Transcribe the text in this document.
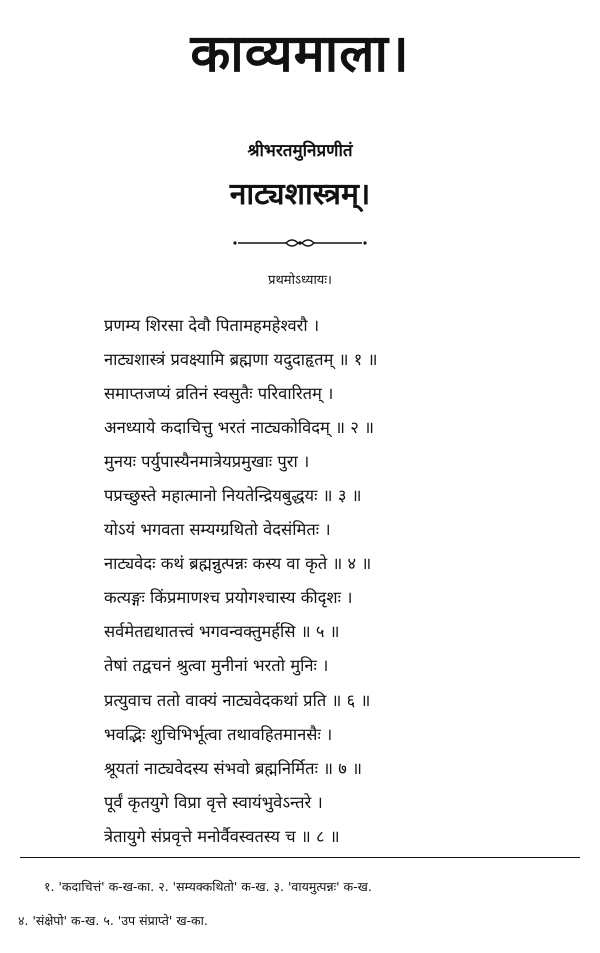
काव्यमाला।
श्रीभरतमुनिप्रणीतं
नाट्यशास्त्रम्।
प्रथमोऽध्यायः।
प्रणम्य शिरसा देवौ पितामहमहेश्वरौ ।
नाट्यशास्त्रं प्रवक्ष्यामि ब्रह्मणा यदुदाहृतम् ॥ १ ॥
समाप्तजप्यं व्रतिनं स्वसुतैः परिवारितम् ।
अनध्याये कदाचित्तु भरतं नाट्यकोविदम् ॥ २ ॥
मुनयः पर्युपास्यैनमात्रेयप्रमुखाः पुरा ।
पप्रच्छुस्ते महात्मानो नियतेन्द्रियबुद्धयः ॥ ३ ॥
योऽयं भगवता सम्यग्ग्रथितो वेदसंमितः ।
नाट्यवेदः कथं ब्रह्मन्नुत्पन्नः कस्य वा कृते ॥ ४ ॥
कत्यङ्गः किंप्रमाणश्च प्रयोगश्चास्य कीदृशः ।
सर्वमेतद्यथातत्त्वं भगवन्वक्तुमर्हसि ॥ ५ ॥
तेषां तद्वचनं श्रुत्वा मुनीनां भरतो मुनिः ।
प्रत्युवाच ततो वाक्यं नाट्यवेदकथां प्रति ॥ ६ ॥
भवद्भिः शुचिभिर्भूत्वा तथावहितमानसैः ।
श्रूयतां नाट्यवेदस्य संभवो ब्रह्मनिर्मितः ॥ ७ ॥
पूर्वं कृतयुगे विप्रा वृत्ते स्वायंभुवेऽन्तरे ।
त्रेतायुगे संप्रवृत्ते मनोर्वैवस्वतस्य च ॥ ८ ॥
१. 'कदाचित्तं' क-ख-का. २. 'सम्यक्कथितो' क-ख. ३. 'वायमुत्पन्नः' क-ख.
४. 'संक्षेपो' क-ख. ५. 'उप संप्राप्ते' ख-का.
